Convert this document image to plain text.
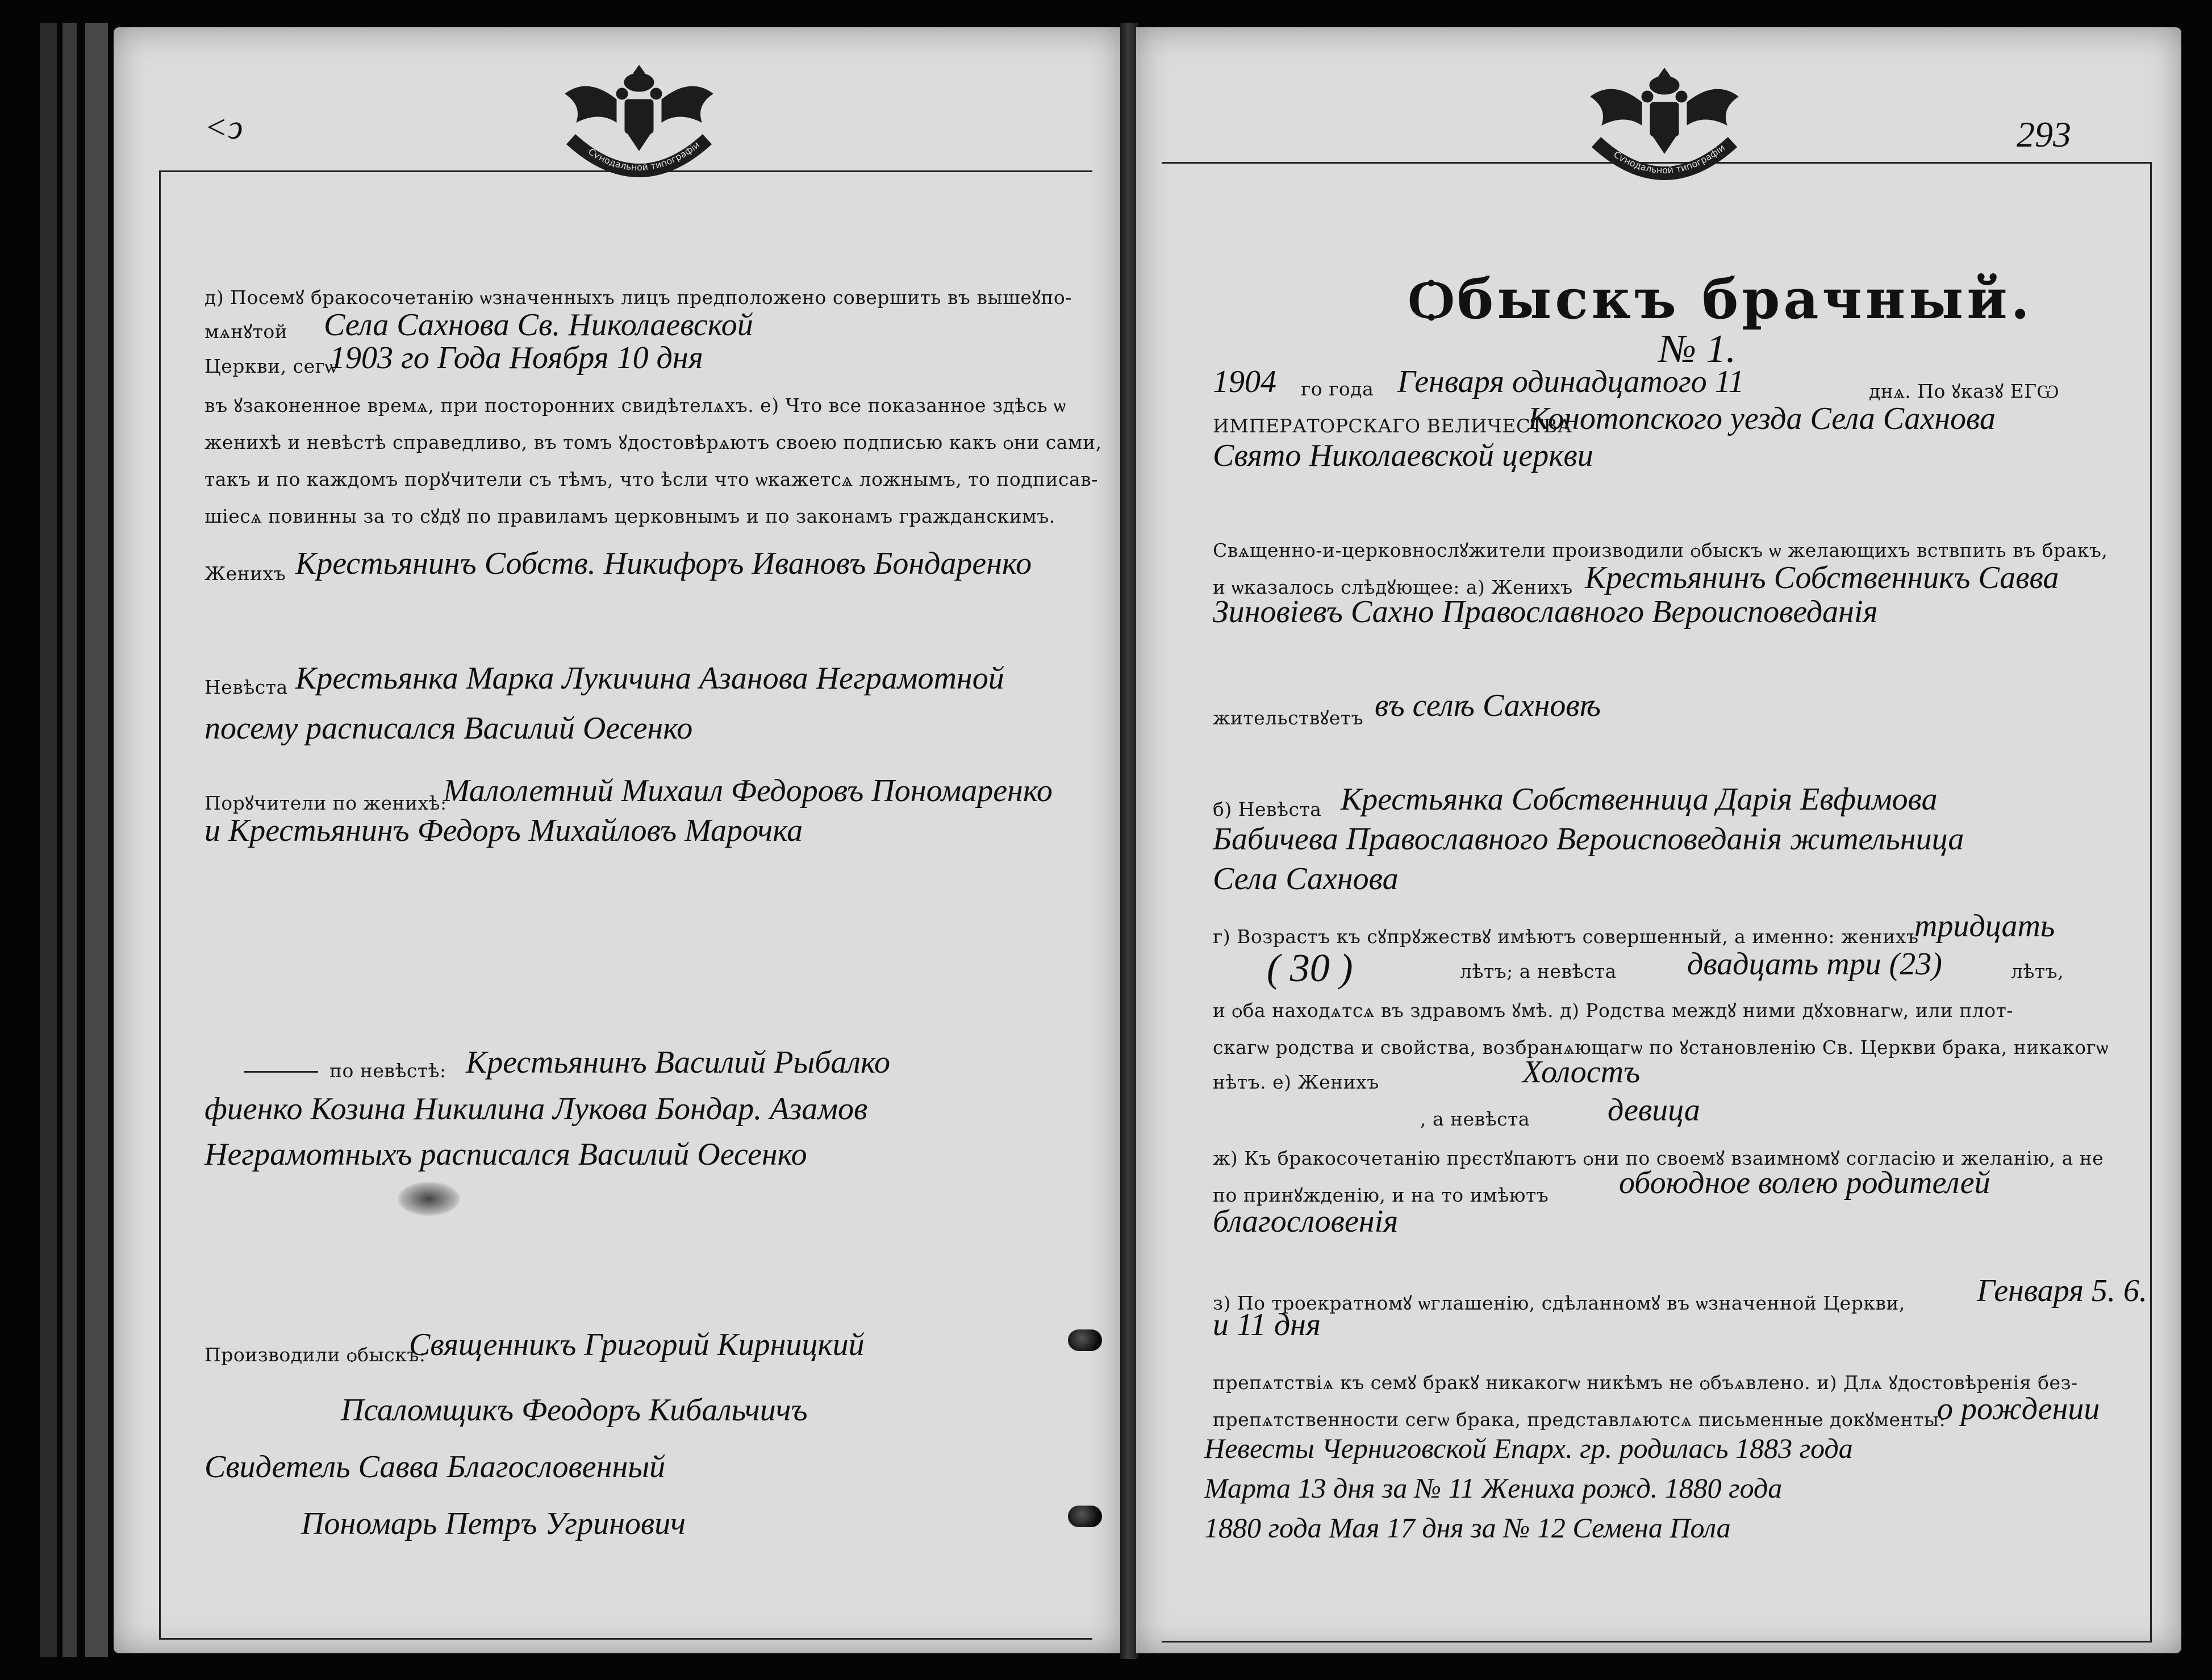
<ↄ
Сѵнодальной типографіи
д) Посемꙋ бракосочетанію ѡзначенныхъ лицъ предположено совершить въ вышеꙋпо-
мѧнꙋтой Села Сахнова Св. Николаевской
Церкви, сегѡ
1903 го Года Ноября 10 дня
въ ꙋзаконенное времѧ, при посторонних свидѣтелѧхъ. е) Что все показанное здѣсь ѡ
женихѣ и невѣстѣ справедливо, въ томъ ꙋдостовѣрѧютъ своею подписью какъ ѻни сами,
такъ и по каждомъ порꙋчители съ тѣмъ, что ѣсли что ѡкажетсѧ ложнымъ, то подписав-
шіесѧ повинны за то сꙋдꙋ по правиламъ церковнымъ и по законамъ гражданскимъ.
Женихъ Крестьянинъ Собств. Никифоръ Ивановъ Бондаренко
Невѣста Крестьянка Марка Лукичина Азанова Неграмотной
посему расписался Василий Оесенко
Порꙋчители по женихѣ:
Малолетний Михаил Федоровъ Пономаренко
и Крестьянинъ Федоръ Михайловъ Марочка
по невѣстѣ: Крестьянинъ Василий Рыбалко
фиенко Козина Никилина Лукова Бондар. Азамов
Неграмотныхъ расписался Василий Оесенко
Производили ѻбыскъ:
Священникъ Григорий Кирницкий
Псаломщикъ Феодоръ Кибальчичъ
Свидетель Савва Благословенный
Пономарь Петръ Угринович
293
Сѵнодальной типографіи
Ѻбыскъ брачный.
№ 1.
1904 го года Генваря одинадцатого 11	днѧ. По ꙋказꙋ ЕГѠ
ИМПЕРАТОРСКАГО ВЕЛИЧЕСТВА
Конотопского уезда Села Сахнова
Свято Николаевской церкви
Свѧщенно-и-церковнослꙋжители производили ѻбыскъ ѡ желающихъ вствпить въ бракъ,
и ѡказалось слѣдꙋющее: а) Женихъ Крестьянинъ Собственникъ Савва
Зиновіевъ Сахно Православного Вероисповеданія
жительствꙋетъ въ селѣ Сахновѣ
б) Невѣста Крестьянка Собственница Дарія Евфимова
Бабичева Православного Вероисповеданія жительница
Села Сахнова
г) Возрастъ къ сꙋпрꙋжествꙋ имѣютъ совершенный, а именно: женихъ
тридцать
( 30 )	лѣтъ; а невѣста двадцать три (23)	лѣтъ,
и ѻба находѧтсѧ въ здравомъ ꙋмѣ. д) Родства междꙋ ними дꙋховнагѡ, или плот-
скагѡ родства и свойства, возбранѧющагѡ по ꙋстановленію Св. Церкви брака, никакогѡ
нѣтъ. е) Женихъ	Холостъ
, а невѣста девица
ж) Къ бракосочетанію прєстꙋпаютъ ѻни по своемꙋ взаимномꙋ согласію и желанію, а не
по принꙋжденію, и на то имѣютъ обоюдное волею родителей
благословенія
з) По троекратномꙋ ѡглашенію, сдѣланномꙋ въ ѡзначенной Церкви, Генваря 5. 6.
и 11 дня
препѧтствіѧ къ семꙋ бракꙋ никакогѡ никѣмъ не ѻбъѧвлено. и) Длѧ ꙋдостовѣренія без-
препѧтственности сегѡ брака, представлѧютсѧ письменные докꙋменты:
о рождении
Невесты Черниговской Епарх. гр. родилась 1883 года
Марта 13 дня за № 11 Жениха рожд. 1880 года
1880 года Мая 17 дня за № 12 Семена Пола
